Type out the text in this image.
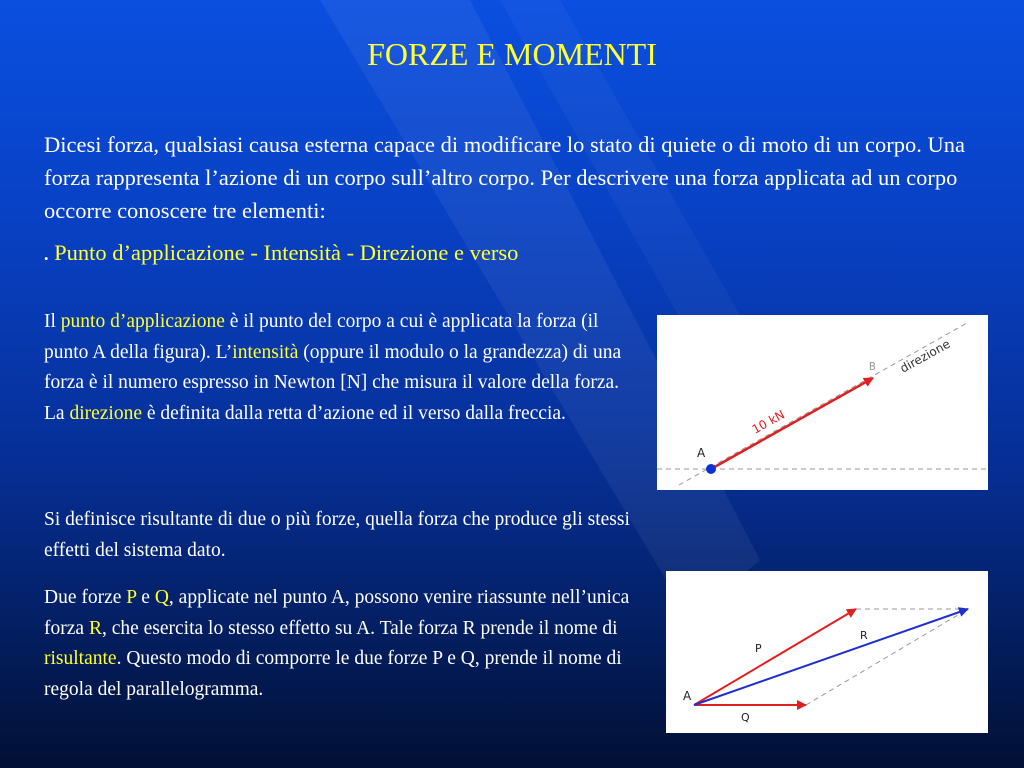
FORZE E MOMENTI

Dicesi forza, qualsiasi causa esterna capace di modificare lo stato di quiete o di moto di un corpo. Una forza rappresenta l’azione di un corpo sull’altro corpo. Per descrivere una forza applicata ad un corpo occorre conoscere tre elementi:

. Punto d’applicazione - Intensità - Direzione e verso

Il punto d’applicazione è il punto del corpo a cui è applicata la forza (il punto A della figura). L’intensità (oppure il modulo o la grandezza) di una forza è il numero espresso in Newton [N] che misura il valore della forza. La direzione è definita dalla retta d’azione ed il verso dalla freccia.

Si definisce risultante di due o più forze, quella forza che produce gli stessi effetti del sistema dato.

Due forze P e Q, applicate nel punto A, possono venire riassunte nell’unica forza R, che esercita lo stesso effetto su A. Tale forza R prende il nome di risultante. Questo modo di comporre le due forze P e Q, prende il nome di regola del parallelogramma.

A
B
10 kN
direzione
A
P
Q
R
